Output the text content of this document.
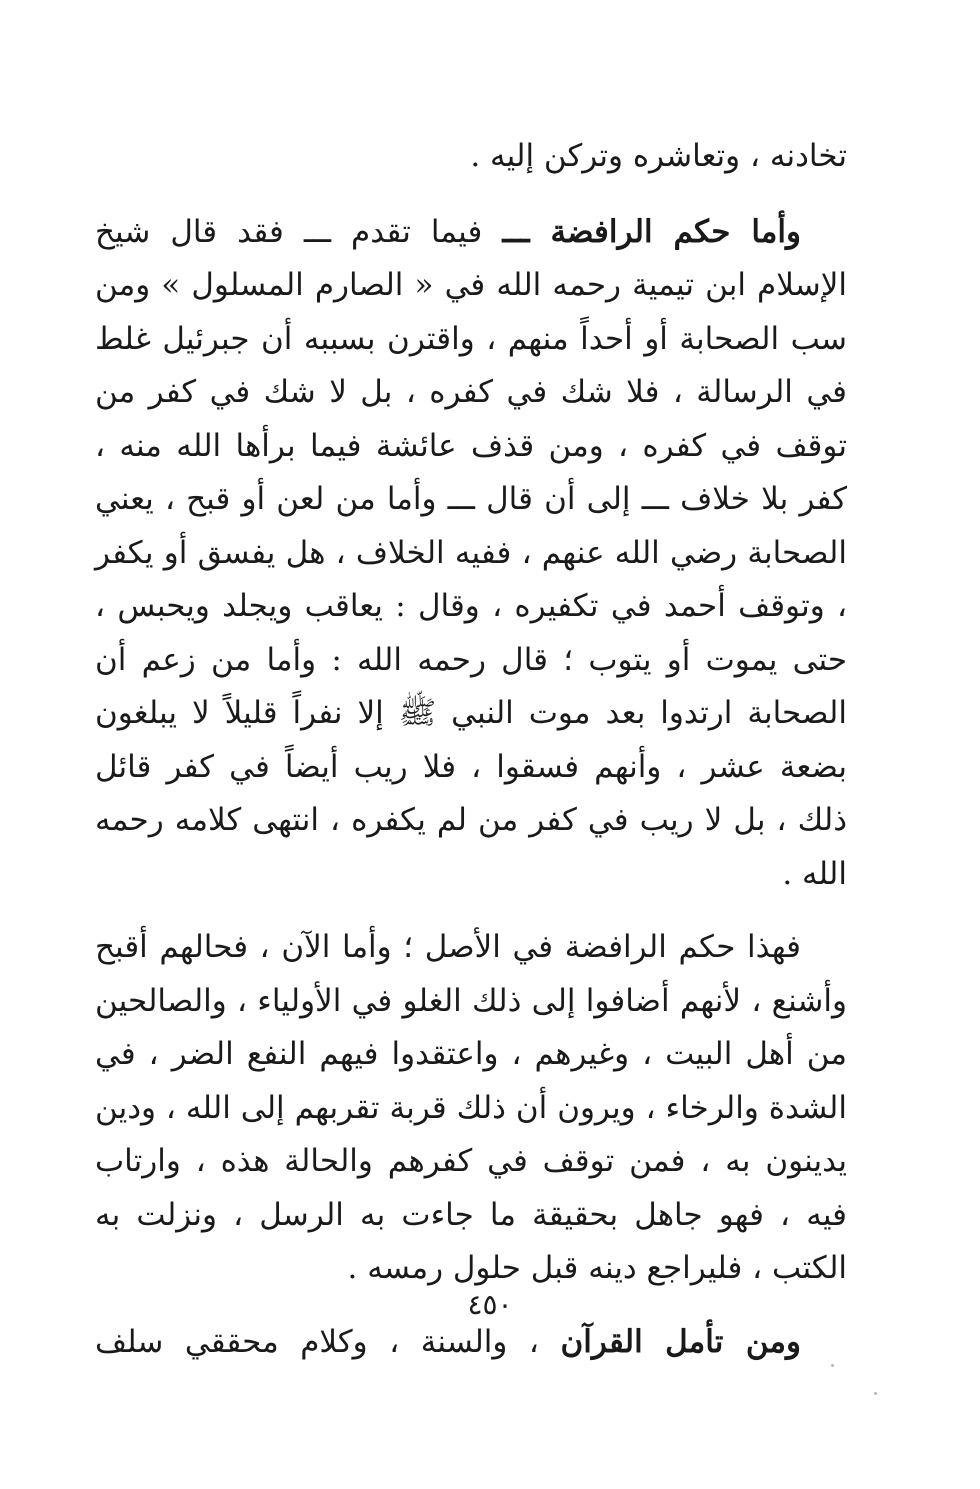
تخادنه ، وتعاشره وتركن إليه .

وأما حكم الرافضة ـــ فيما تقدم ـــ فقد قال شيخ الإسلام ابن تيمية رحمه الله في « الصارم المسلول » ومن سب الصحابة أو أحداً منهم ، واقترن بسببه أن جبرئيل غلط في الرسالة ، فلا شك في كفره ، بل لا شك في كفر من توقف في كفره ، ومن قذف عائشة فيما برأها الله منه ، كفر بلا خلاف ـــ إلى أن قال ـــ وأما من لعن أو قبح ، يعني الصحابة رضي الله عنهم ، ففيه الخلاف ، هل يفسق أو يكفر ، وتوقف أحمد في تكفيره ، وقال : يعاقب ويجلد ويحبس ، حتى يموت أو يتوب ؛ قال رحمه الله : وأما من زعم أن الصحابة ارتدوا بعد موت النبي ﷺ إلا نفراً قليلاً لا يبلغون بضعة عشر ، وأنهم فسقوا ، فلا ريب أيضاً في كفر قائل ذلك ، بل لا ريب في كفر من لم يكفره ، انتهى كلامه رحمه الله .

فهذا حكم الرافضة في الأصل ؛ وأما الآن ، فحالهم أقبح وأشنع ، لأنهم أضافوا إلى ذلك الغلو في الأولياء ، والصالحين من أهل البيت ، وغيرهم ، واعتقدوا فيهم النفع الضر ، في الشدة والرخاء ، ويرون أن ذلك قربة تقربهم إلى الله ، ودين يدينون به ، فمن توقف في كفرهم والحالة هذه ، وارتاب فيه ، فهو جاهل بحقيقة ما جاءت به الرسل ، ونزلت به الكتب ، فليراجع دينه قبل حلول رمسه .

ومن تأمل القرآن ، والسنة ، وكلام محققي سلف

٤٥٠
